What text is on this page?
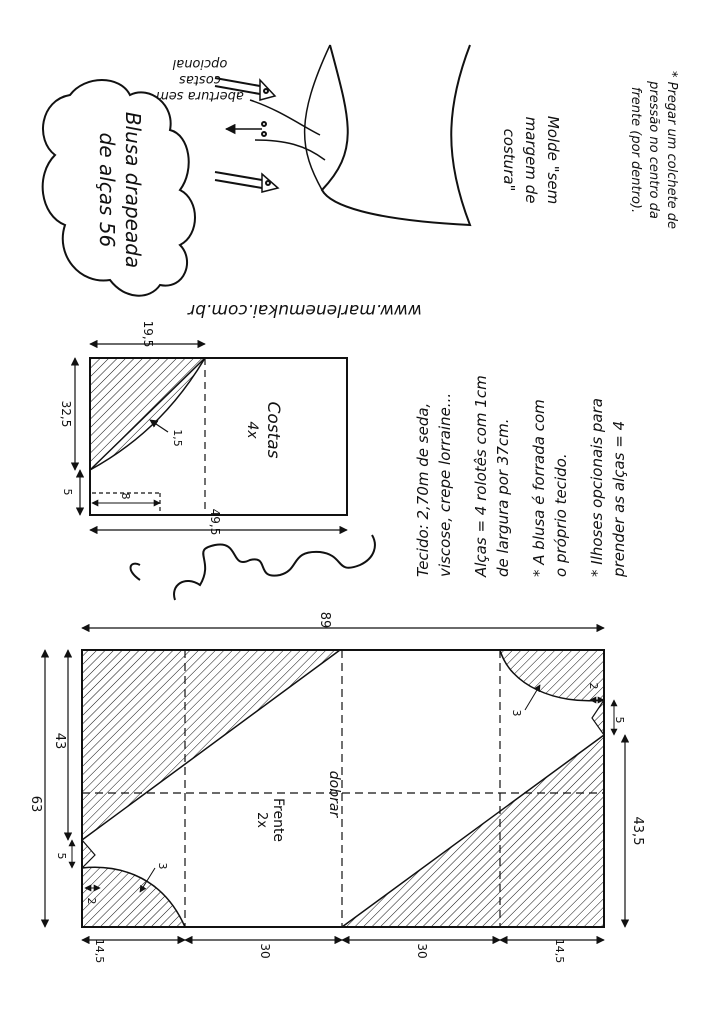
Blusa drapeada
de alças 56
abertura sem
costas
opcional
www.marlenemukai.com.br
Molde "sem
margem de
costura"	* Pregar um colchete de
pressão no centro da
frente (por dentro).
Tecido: 2,70m de seda, viscose, crepe lorraine... Alças = 4 rolotês com 1cm de largura por 37cm. * A blusa é forrada com o próprio tecido. * Ilhoses opcionais para prender as alças = 4
Costas
4x
49,5
32,5
19,5
1,5
5
8
Frente
2x
dobrar
89
63
43
5
2
3
43,5
2
5
3
14,5	30	30	14,5
